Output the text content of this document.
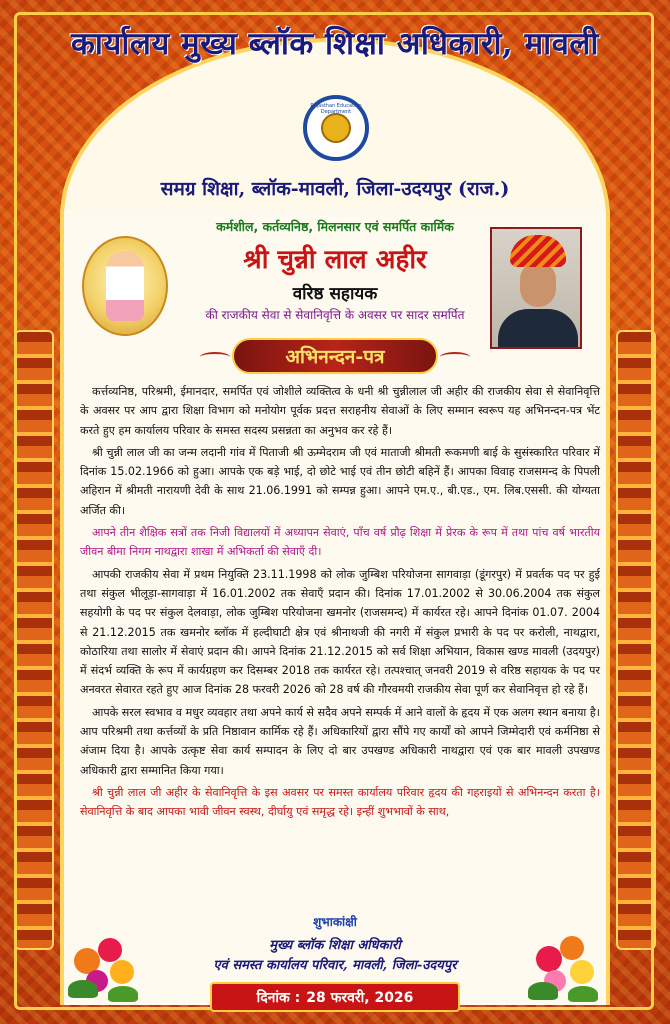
कार्यालय मुख्य ब्लॉक शिक्षा अधिकारी, मावली
Rajasthan Education Department
समग्र शिक्षा, ब्लॉक-मावली, जिला-उदयपुर (राज.)
कर्मशील, कर्तव्यनिष्ठ, मिलनसार एवं समर्पित कार्मिक
श्री चुन्नी लाल अहीर
वरिष्ठ सहायक
की राजकीय सेवा से सेवानिवृत्ति के अवसर पर सादर समर्पित
अभिनन्दन-पत्र

कर्त्तव्यनिष्ठ, परिश्रमी, ईमानदार, समर्पित एवं जोशीले व्यक्तित्व के धनी श्री चुन्नीलाल जी अहीर की राजकीय सेवा से सेवानिवृत्ति के अवसर पर आप द्वारा शिक्षा विभाग को मनोयोग पूर्वक प्रदत्त सराहनीय सेवाओं के लिए सम्मान स्वरूप यह अभिनन्दन-पत्र भेंट करते हुए हम कार्यालय परिवार के समस्त सदस्य प्रसन्नता का अनुभव कर रहे हैं।

श्री चुन्नी लाल जी का जन्म लदानी गांव में पिताजी श्री ऊम्मेदराम जी एवं माताजी श्रीमती रूकमणी बाई के सुसंस्कारित परिवार में दिनांक 15.02.1966 को हुआ। आपके एक बड़े भाई, दो छोटे भाई एवं तीन छोटी बहिनें हैं। आपका विवाह राजसमन्द के पिपली अहिरान में श्रीमती नारायणी देवी के साथ 21.06.1991 को सम्पन्न हुआ। आपने एम.ए., बी.एड., एम. लिब.एससी. की योग्यता अर्जित की।

आपने तीन शैक्षिक सत्रों तक निजी विद्यालयों में अध्यापन सेवाएं, पाँच वर्ष प्रौढ़ शिक्षा में प्रेरक के रूप में तथा पांच वर्ष भारतीय जीवन बीमा निगम नाथद्वारा शाखा में अभिकर्ता की सेवाएँ दी।

आपकी राजकीय सेवा में प्रथम नियुक्ति 23.11.1998 को लोक जुम्बिश परियोजना सागवाड़ा (डूंगरपुर) में प्रवर्तक पद पर हुई तथा संकुल भीलूड़ा-सागवाड़ा में 16.01.2002 तक सेवाएँ प्रदान की। दिनांक 17.01.2002 से 30.06.2004 तक संकुल सहयोगी के पद पर संकुल देलवाड़ा, लोक जुम्बिश परियोजना खमनोर (राजसमन्द) में कार्यरत रहे। आपने दिनांक 01.07. 2004 से 21.12.2015 तक खमनोर ब्लॉक में हल्दीघाटी क्षेत्र एवं श्रीनाथजी की नगरी में संकुल प्रभारी के पद पर करोली, नाथद्वारा, कोठारिया तथा सालोर में सेवाएं प्रदान की। आपने दिनांक 21.12.2015 को सर्व शिक्षा अभियान, विकास खण्ड मावली (उदयपुर) में संदर्भ व्यक्ति के रूप में कार्यग्रहण कर दिसम्बर 2018 तक कार्यरत रहे। तत्पश्चात् जनवरी 2019 से वरिष्ठ सहायक के पद पर अनवरत सेवारत रहते हुए आज दिनांक 28 फरवरी 2026 को 28 वर्ष की गौरवमयी राजकीय सेवा पूर्ण कर सेवानिवृत्त हो रहे हैं।

आपके सरल स्वभाव व मधुर व्यवहार तथा अपने कार्य से सदैव अपने सम्पर्क में आने वालों के हृदय में एक अलग स्थान बनाया है। आप परिश्रमी तथा कर्त्तव्यों के प्रति निष्ठावान कार्मिक रहे हैं। अधिकारियों द्वारा सौंपे गए कार्यों को आपने जिम्मेदारी एवं कर्मनिष्ठा से अंजाम दिया है। आपके उत्कृष्ट सेवा कार्य सम्पादन के लिए दो बार उपखण्ड अधिकारी नाथद्वारा एवं एक बार मावली उपखण्ड अधिकारी द्वारा सम्मानित किया गया।

श्री चुन्नी लाल जी अहीर के सेवानिवृत्ति के इस अवसर पर समस्त कार्यालय परिवार हृदय की गहराइयों से अभिनन्दन करता है। सेवानिवृत्ति के बाद आपका भावी जीवन स्वस्थ, दीर्घायु एवं समृद्ध रहे। इन्हीं शुभभावों के साथ,

शुभाकांक्षी
मुख्य ब्लॉक शिक्षा अधिकारी
एवं समस्त कार्यालय परिवार, मावली, जिला-उदयपुर
दिनांक : 28 फरवरी, 2026
